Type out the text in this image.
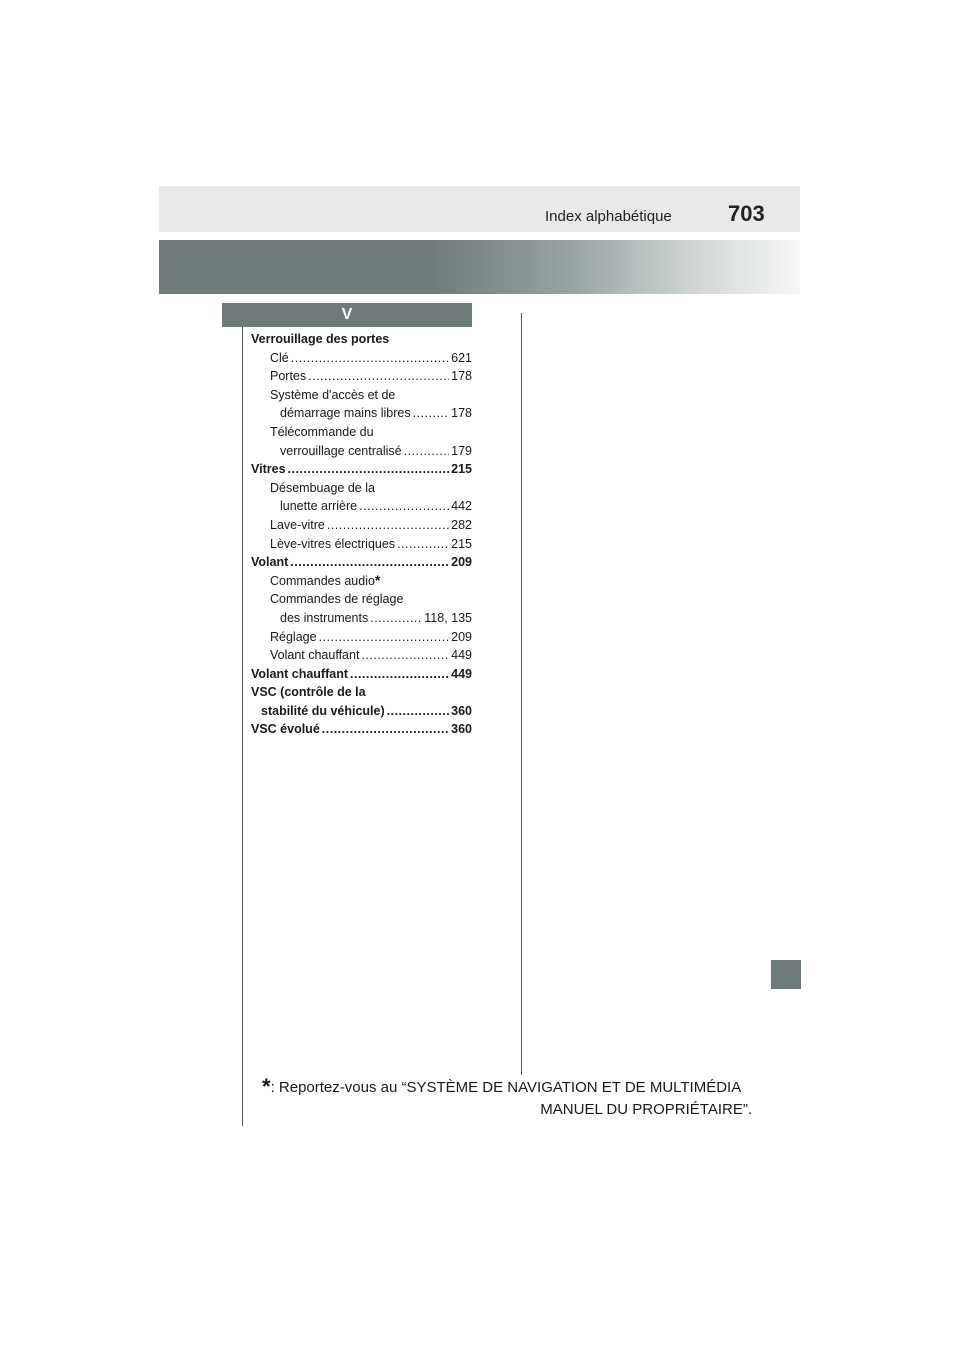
Index alphabétique	703
V
Verrouillage des portes
Clé .....	621
Portes .....	178
Système d'accès et de
démarrage mains libres .....	178
Télécommande du
verrouillage centralisé .....	179
Vitres .....	215
Désembuage de la
lunette arrière .....	442
Lave-vitre .....	282
Lève-vitres électriques .....	215
Volant .....	209
Commandes audio *
Commandes de réglage
des instruments .....	118, 135
Réglage .....	209
Volant chauffant .....	449
Volant chauffant .....	449
VSC (contrôle de la
stabilité du véhicule) .....	360
VSC évolué .....	360
*: Reportez-vous au “SYSTÈME DE NAVIGATION ET DE MULTIMÉDIA
MANUEL DU PROPRIÉTAIRE”.
